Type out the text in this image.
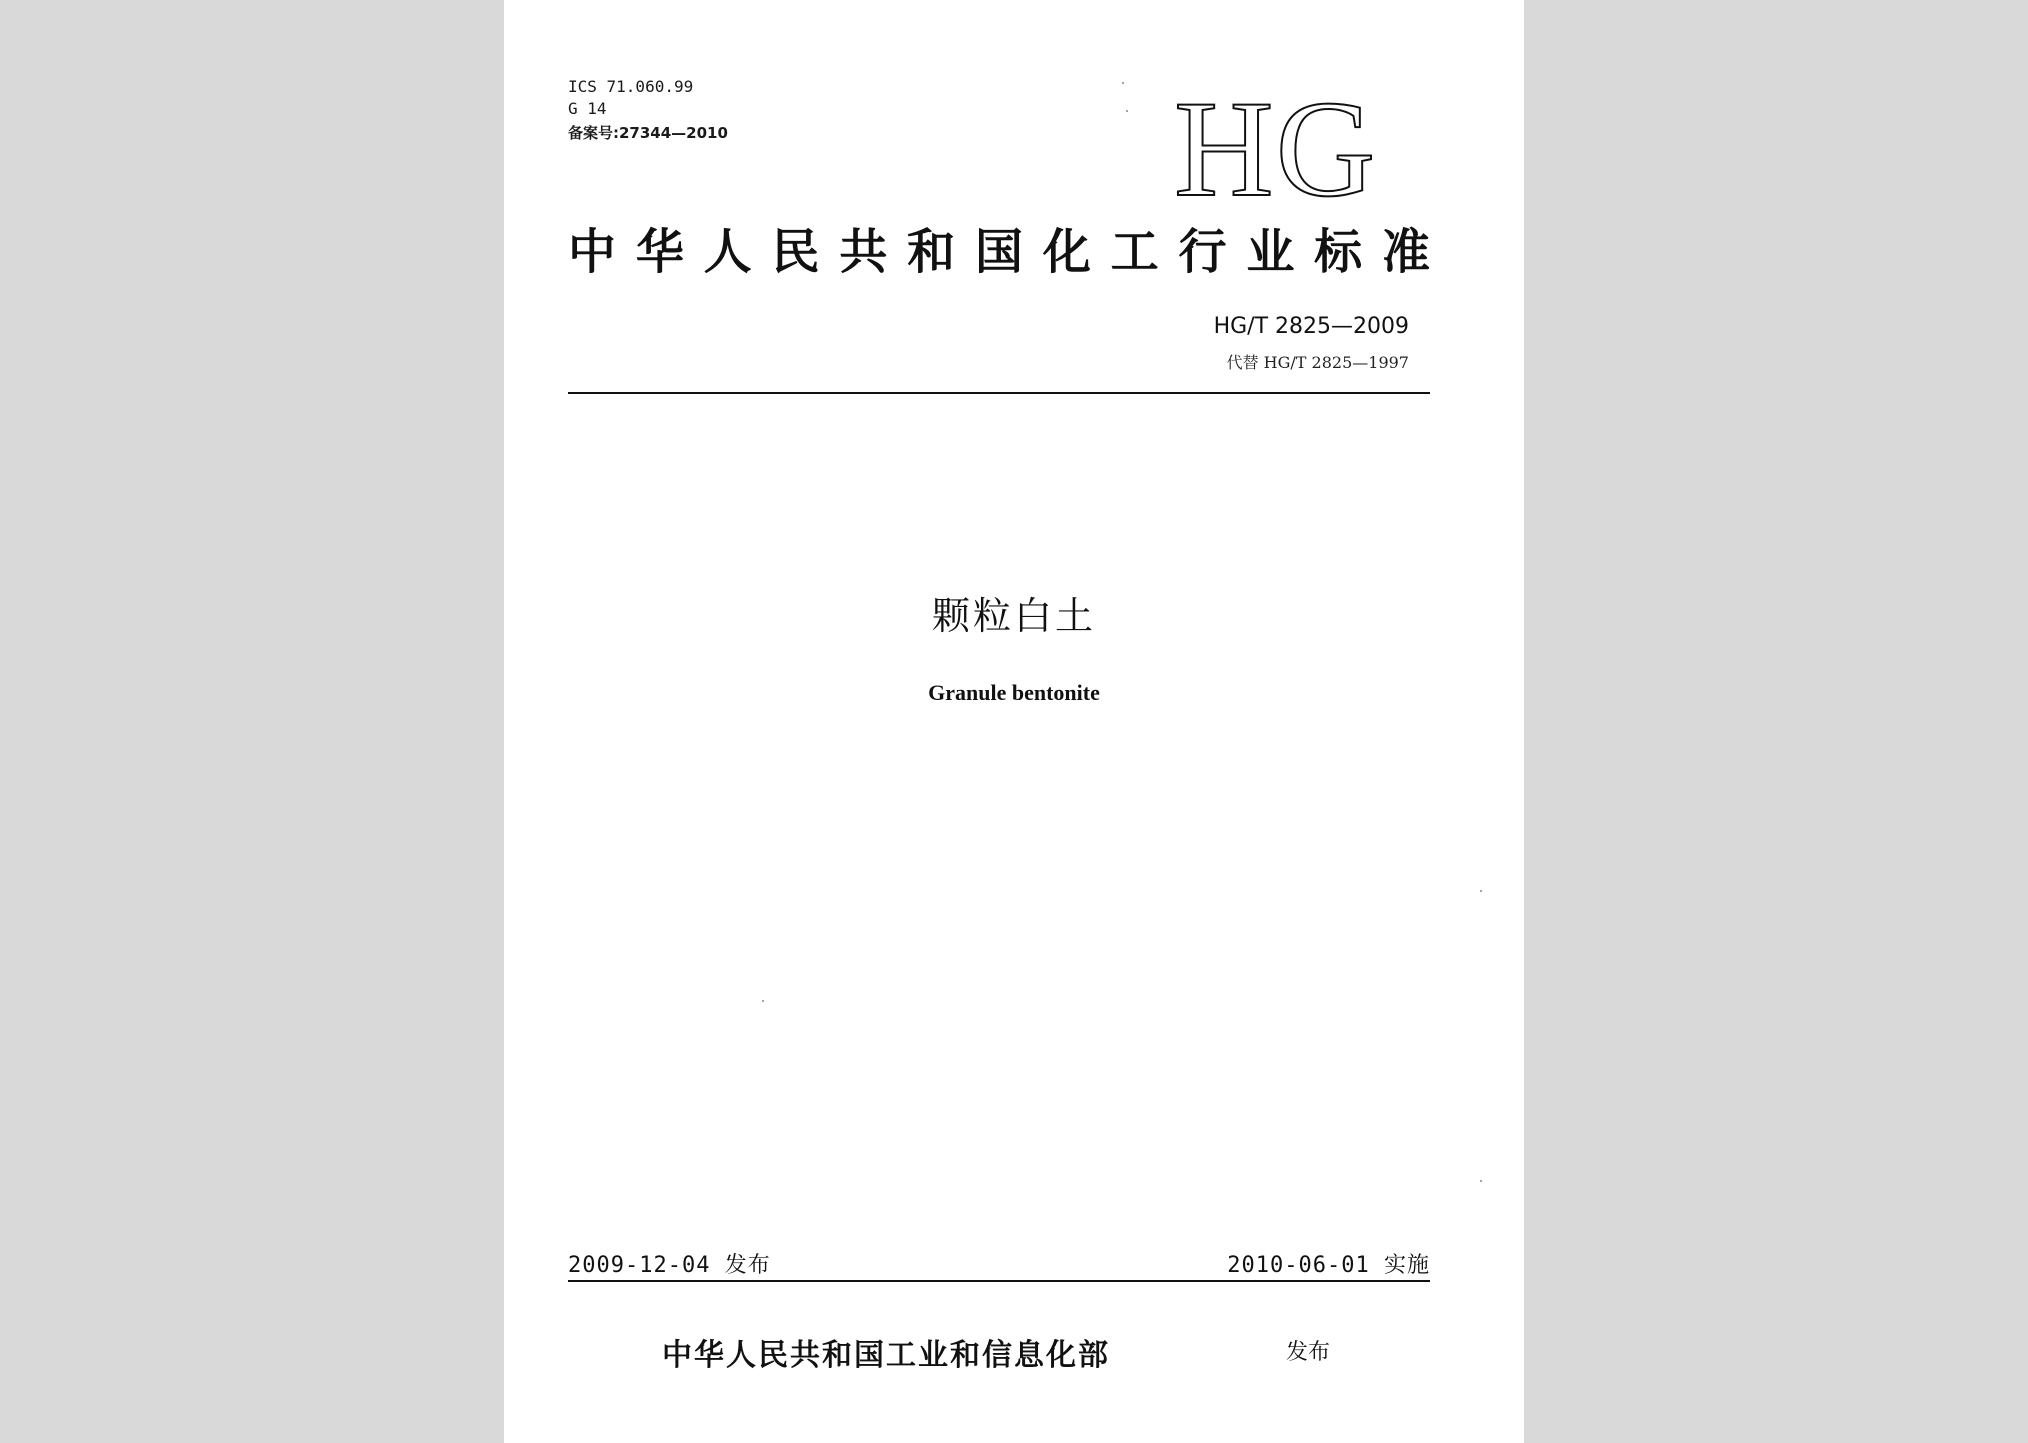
ICS 71.060.99
G 14
备案号:27344—2010	HG
中华人民共和国化工行业标准
HG/T 2825—2009
代替 HG/T 2825—1997
颗粒白土
Granule bentonite
2009-12-04 发布	2010-06-01 实施
中华人民共和国工业和信息化部	发布
